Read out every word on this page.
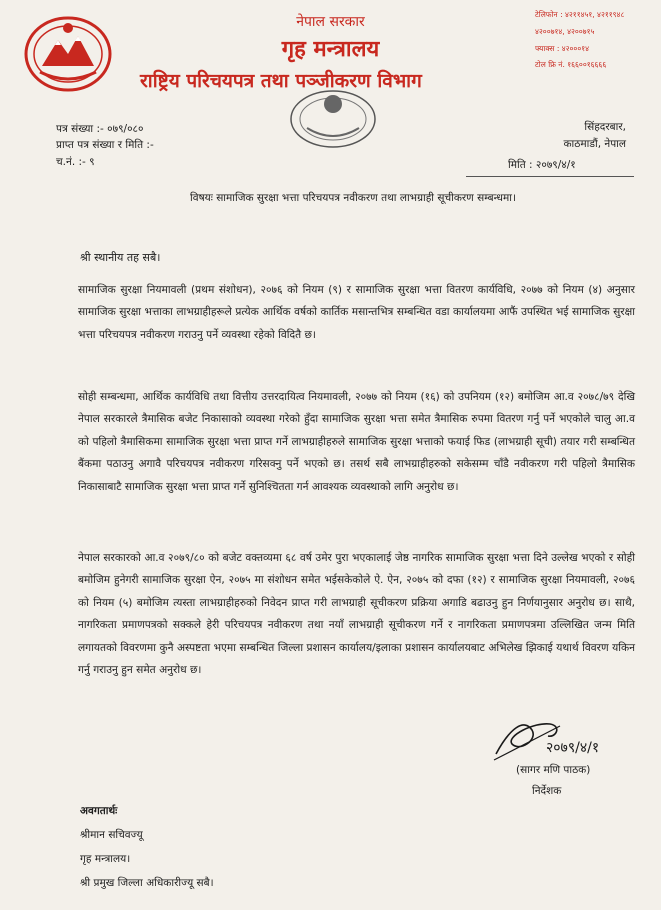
नेपाल सरकार
गृह मन्त्रालय
राष्ट्रिय परिचयपत्र तथा पञ्जीकरण विभाग
टेलिफोन : ४२११४५१, ४२११९४८
४२००७१४, ४२००७१५
फ्याक्स : ४२०००१४
टोल फ्रि नं. १६६००१६६६६
पत्र संख्या :- ०७९/०८०
प्राप्त पत्र संख्या र मिति :-
च.नं. :- ९
सिंहदरबार,
काठमाडौं, नेपाल
मिति : २०७९/४/१
विषयः सामाजिक सुरक्षा भत्ता परिचयपत्र नवीकरण तथा लाभग्राही सूचीकरण सम्बन्धमा।
श्री स्थानीय तह सबै।
सामाजिक सुरक्षा नियमावली (प्रथम संशोधन), २०७६ को नियम (९) र सामाजिक सुरक्षा भत्ता वितरण कार्यविधि, २०७७ को नियम (४) अनुसार सामाजिक सुरक्षा भत्ताका लाभग्राहीहरूले प्रत्येक आर्थिक वर्षको कार्तिक मसान्तभित्र सम्बन्धित वडा कार्यालयमा आफैं उपस्थित भई सामाजिक सुरक्षा भत्ता परिचयपत्र नवीकरण गराउनु पर्ने व्यवस्था रहेको विदितै छ।
सोही सम्बन्धमा, आर्थिक कार्यविधि तथा वित्तीय उत्तरदायित्व नियमावली, २०७७ को नियम (१६) को उपनियम (१२) बमोजिम आ.व २०७८/७९ देखि नेपाल सरकारले त्रैमासिक बजेट निकासाको व्यवस्था गरेको हुँदा सामाजिक सुरक्षा भत्ता समेत त्रैमासिक रुपमा वितरण गर्नु पर्ने भएकोले चालु आ.व को पहिलो त्रैमासिकमा सामाजिक सुरक्षा भत्ता प्राप्त गर्ने लाभग्राहीहरुले सामाजिक सुरक्षा भत्ताको फयाई फिड (लाभग्राही सूची) तयार गरी सम्बन्धित बैंकमा पठाउनु अगावै परिचयपत्र नवीकरण गरिसक्नु पर्ने भएको छ। तसर्थ सबै लाभग्राहीहरुको सकेसम्म चाँडै नवीकरण गरी पहिलो त्रैमासिक निकासाबाटै सामाजिक सुरक्षा भत्ता प्राप्त गर्ने सुनिश्चितता गर्न आवश्यक व्यवस्थाको लागि अनुरोध छ।
नेपाल सरकारको आ.व २०७९/८० को बजेट वक्तव्यमा ६८ वर्ष उमेर पुरा भएकालाई जेष्ठ नागरिक सामाजिक सुरक्षा भत्ता दिने उल्लेख भएको र सोही बमोजिम हुनेगरी सामाजिक सुरक्षा ऐन, २०७५ मा संशोधन समेत भईसकेकोले ऐ. ऐन, २०७५ को दफा (१२) र सामाजिक सुरक्षा नियमावली, २०७६ को नियम (५) बमोजिम त्यस्ता लाभग्राहीहरुको निवेदन प्राप्त गरी लाभग्राही सूचीकरण प्रक्रिया अगाडि बढाउनु हुन निर्णयानुसार अनुरोध छ। साथै, नागरिकता प्रमाणपत्रको सक्कले हेरी परिचयपत्र नवीकरण तथा नयाँ लाभग्राही सूचीकरण गर्ने र नागरिकता प्रमाणपत्रमा उल्लिखित जन्म मिति लगायतको विवरणमा कुनै अस्पष्टता भएमा सम्बन्धित जिल्ला प्रशासन कार्यालय/इलाका प्रशासन कार्यालयबाट अभिलेख झिकाई यथार्थ विवरण यकिन गर्नु गराउनु हुन समेत अनुरोध छ।
२०७९/४/१
(सागर मणि पाठक)
निर्देशक
अवगतार्थः
श्रीमान सचिवज्यू
गृह मन्त्रालय।
श्री प्रमुख जिल्ला अधिकारीज्यू सबै।
